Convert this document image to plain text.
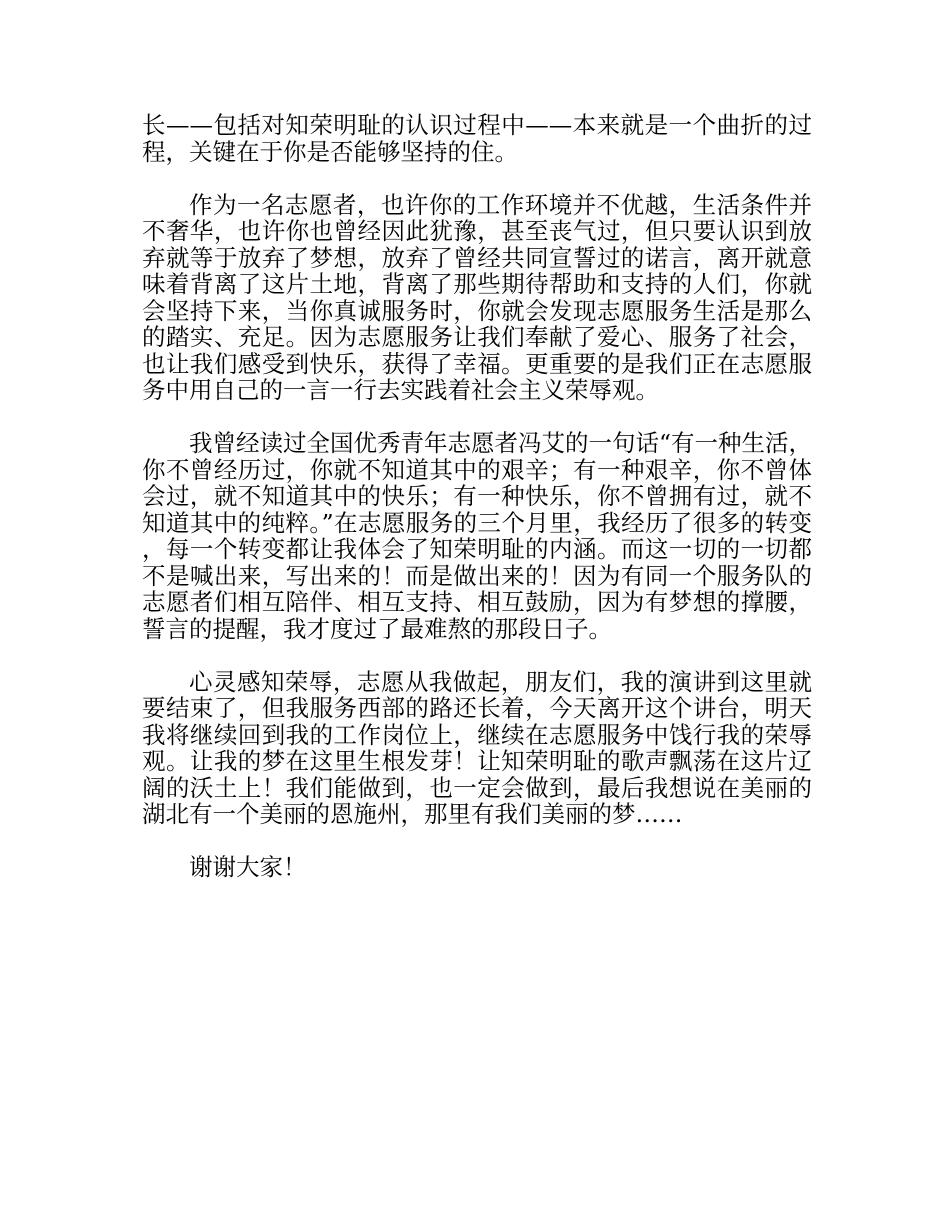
长——包括对知荣明耻的认识过程中——本来就是一个曲折的过程，关键在于你是否能够坚持的住。

作为一名志愿者，也许你的工作环境并不优越，生活条件并不奢华，也许你也曾经因此犹豫，甚至丧气过，但只要认识到放弃就等于放弃了梦想，放弃了曾经共同宣誓过的诺言，离开就意味着背离了这片土地，背离了那些期待帮助和支持的人们，你就会坚持下来，当你真诚服务时，你就会发现志愿服务生活是那么的踏实、充足。因为志愿服务让我们奉献了爱心、服务了社会，也让我们感受到快乐，获得了幸福。更重要的是我们正在志愿服务中用自己的一言一行去实践着社会主义荣辱观。

我曾经读过全国优秀青年志愿者冯艾的一句话“有一种生活，你不曾经历过，你就不知道其中的艰辛；有一种艰辛，你不曾体会过，就不知道其中的快乐；有一种快乐，你不曾拥有过，就不知道其中的纯粹。”在志愿服务的三个月里，我经历了很多的转变，每一个转变都让我体会了知荣明耻的内涵。而这一切的一切都不是喊出来，写出来的！而是做出来的！因为有同一个服务队的志愿者们相互陪伴、相互支持、相互鼓励，因为有梦想的撑腰，誓言的提醒，我才度过了最难熬的那段日子。

心灵感知荣辱，志愿从我做起，朋友们，我的演讲到这里就要结束了，但我服务西部的路还长着，今天离开这个讲台，明天我将继续回到我的工作岗位上，继续在志愿服务中饯行我的荣辱观。让我的梦在这里生根发芽！让知荣明耻的歌声飘荡在这片辽阔的沃土上！我们能做到，也一定会做到，最后我想说在美丽的湖北有一个美丽的恩施州，那里有我们美丽的梦……

谢谢大家！
